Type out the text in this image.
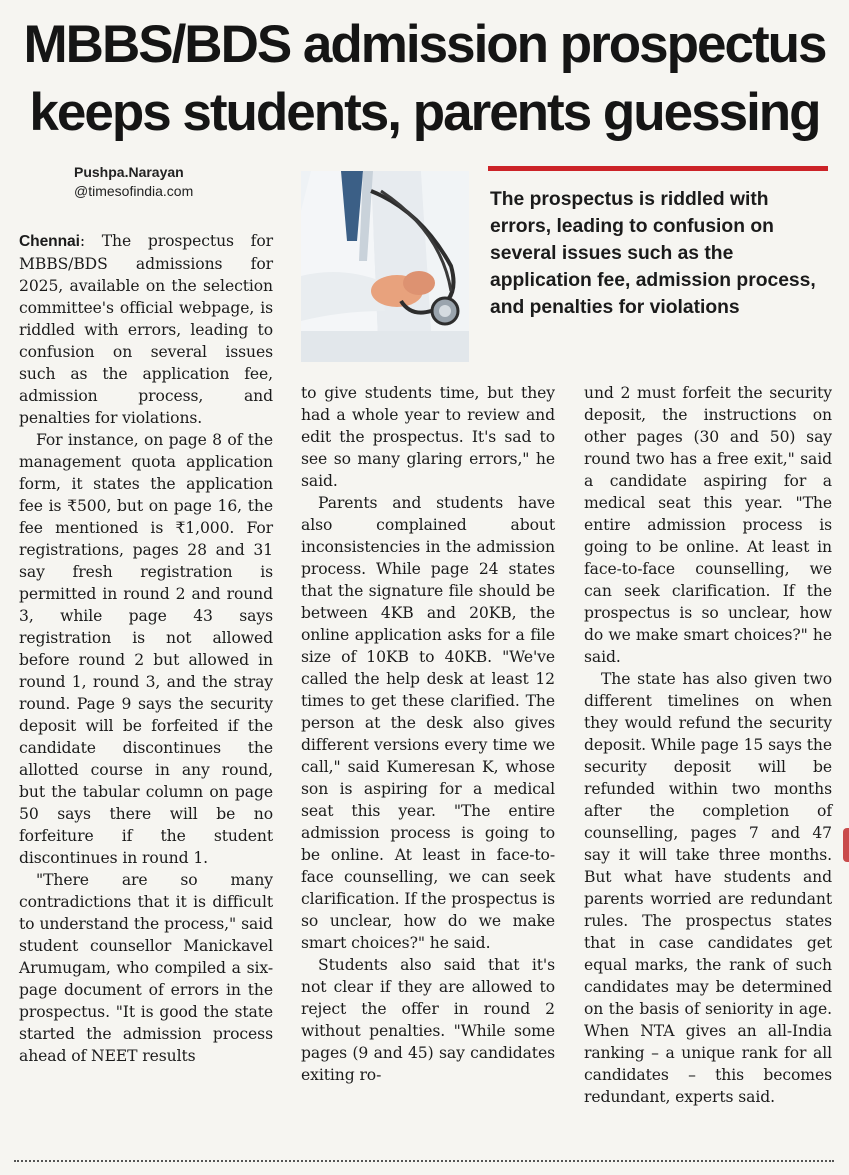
MBBS/BDS admission prospectus
keeps students, parents guessing
Pushpa.Narayan
@timesofindia.com	The prospectus is riddled with errors, leading to confusion on several issues such as the application fee, admission process, and penalties for violations

Chennai: The prospectus for MBBS/BDS admissions for 2025, available on the selection committee's official webpage, is riddled with errors, leading to confusion on several issues such as the application fee, admission process, and penalties for violations.

For instance, on page 8 of the management quota application form, it states the application fee is ₹500, but on page 16, the fee mentioned is ₹1,000. For registrations, pages 28 and 31 say fresh registration is permitted in round 2 and round 3, while page 43 says registration is not allowed before round 2 but allowed in round 1, round 3, and the stray round. Page 9 says the security deposit will be forfeited if the candidate discontinues the allotted course in any round, but the tabular column on page 50 says there will be no forfeiture if the student discontinues in round 1.

"There are so many contradictions that it is difficult to understand the process," said student counsellor Manickavel Arumugam, who compiled a six-page document of errors in the prospectus. "It is good the state started the admission process ahead of NEET results

to give students time, but they had a whole year to review and edit the prospectus. It's sad to see so many glaring errors," he said.

Parents and students have also complained about inconsistencies in the admission process. While page 24 states that the signature file should be between 4KB and 20KB, the online application asks for a file size of 10KB to 40KB. "We've called the help desk at least 12 times to get these clarified. The person at the desk also gives different versions every time we call," said Kumeresan K, whose son is aspiring for a medical seat this year. "The entire admission process is going to be online. At least in face-to-face counselling, we can seek clarification. If the prospectus is so unclear, how do we make smart choices?" he said.

Students also said that it's not clear if they are allowed to reject the offer in round 2 without penalties. "While some pages (9 and 45) say candidates exiting ro-

und 2 must forfeit the security deposit, the instructions on other pages (30 and 50) say round two has a free exit," said a candidate aspiring for a medical seat this year. "The entire admission process is going to be online. At least in face-to-face counselling, we can seek clarification. If the prospectus is so unclear, how do we make smart choices?" he said.

The state has also given two different timelines on when they would refund the security deposit. While page 15 says the security deposit will be refunded within two months after the completion of counselling, pages 7 and 47 say it will take three months. But what have students and parents worried are redundant rules. The prospectus states that in case candidates get equal marks, the rank of such candidates may be determined on the basis of seniority in age. When NTA gives an all-India ranking – a unique rank for all candidates – this becomes redundant, experts said.
